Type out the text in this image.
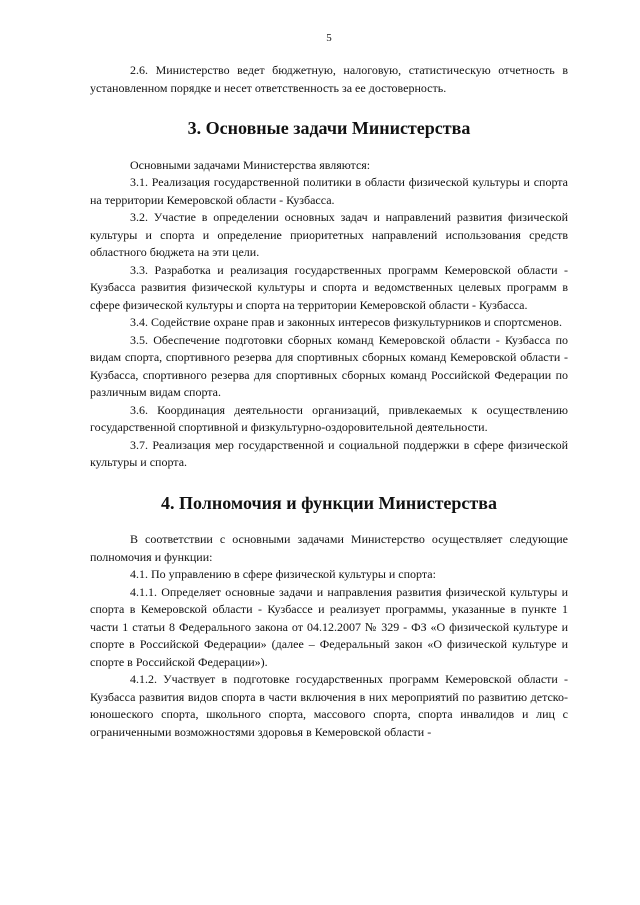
5

2.6. Министерство ведет бюджетную, налоговую, статистическую отчетность в установленном порядке и несет ответственность за ее достоверность.

3. Основные задачи Министерства

Основными задачами Министерства являются:

3.1. Реализация государственной политики в области физической культуры и спорта на территории Кемеровской области - Кузбасса.

3.2. Участие в определении основных задач и направлений развития физической культуры и спорта и определение приоритетных направлений использования средств областного бюджета на эти цели.

3.3. Разработка и реализация государственных программ Кемеровской области - Кузбасса развития физической культуры и спорта и ведомственных целевых программ в сфере физической культуры и спорта на территории Кемеровской области - Кузбасса.

3.4. Содействие охране прав и законных интересов физкультурников и спортсменов.

3.5. Обеспечение подготовки сборных команд Кемеровской области - Кузбасса по видам спорта, спортивного резерва для спортивных сборных команд Кемеровской области - Кузбасса, спортивного резерва для спортивных сборных команд Российской Федерации по различным видам спорта.

3.6. Координация деятельности организаций, привлекаемых к осуществлению государственной спортивной и физкультурно-оздоровительной деятельности.

3.7. Реализация мер государственной и социальной поддержки в сфере физической культуры и спорта.

4. Полномочия и функции Министерства

В соответствии с основными задачами Министерство осуществляет следующие полномочия и функции:

4.1. По управлению в сфере физической культуры и спорта:

4.1.1. Определяет основные задачи и направления развития физической культуры и спорта в Кемеровской области - Кузбассе и реализует программы, указанные в пункте 1 части 1 статьи 8 Федерального закона от 04.12.2007 № 329 - ФЗ «О физической культуре и спорте в Российской Федерации» (далее – Федеральный закон «О физической культуре и спорте в Российской Федерации»).

4.1.2. Участвует в подготовке государственных программ Кемеровской области - Кузбасса развития видов спорта в части включения в них мероприятий по развитию детско-юношеского спорта, школьного спорта, массового спорта, спорта инвалидов и лиц с ограниченными возможностями здоровья в Кемеровской области -
